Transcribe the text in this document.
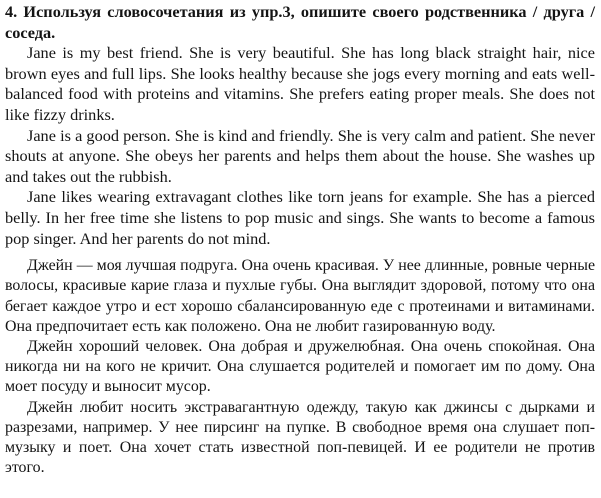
4. Используя словосочетания из упр.3, опишите своего родственника / друга / соседа.

Jane is my best friend. She is very beautiful. She has long black straight hair, nice brown eyes and full lips. She looks healthy because she jogs every morning and eats well-balanced food with proteins and vitamins. She prefers eating proper meals. She does not like fizzy drinks.

Jane is a good person. She is kind and friendly. She is very calm and patient. She never shouts at anyone. She obeys her parents and helps them about the house. She washes up and takes out the rubbish.

Jane likes wearing extravagant clothes like torn jeans for example. She has a pierced belly. In her free time she listens to pop music and sings. She wants to become a famous pop singer. And her parents do not mind.

Джейн — моя лучшая подруга. Она очень красивая. У нее длинные, ровные черные волосы, красивые карие глаза и пухлые губы. Она выглядит здоровой, потому что она бегает каждое утро и ест хорошо сбалансированную еде с протеинами и витаминами. Она предпочитает есть как положено. Она не любит газированную воду.

Джейн хороший человек. Она добрая и дружелюбная. Она очень спокойная. Она никогда ни на кого не кричит. Она слушается родителей и помогает им по дому. Она моет посуду и выносит мусор.

Джейн любит носить экстравагантную одежду, такую как джинсы с дырками и разрезами, например. У нее пирсинг на пупке. В свободное время она слушает поп-музыку и поет. Она хочет стать известной поп-певицей. И ее родители не против этого.
